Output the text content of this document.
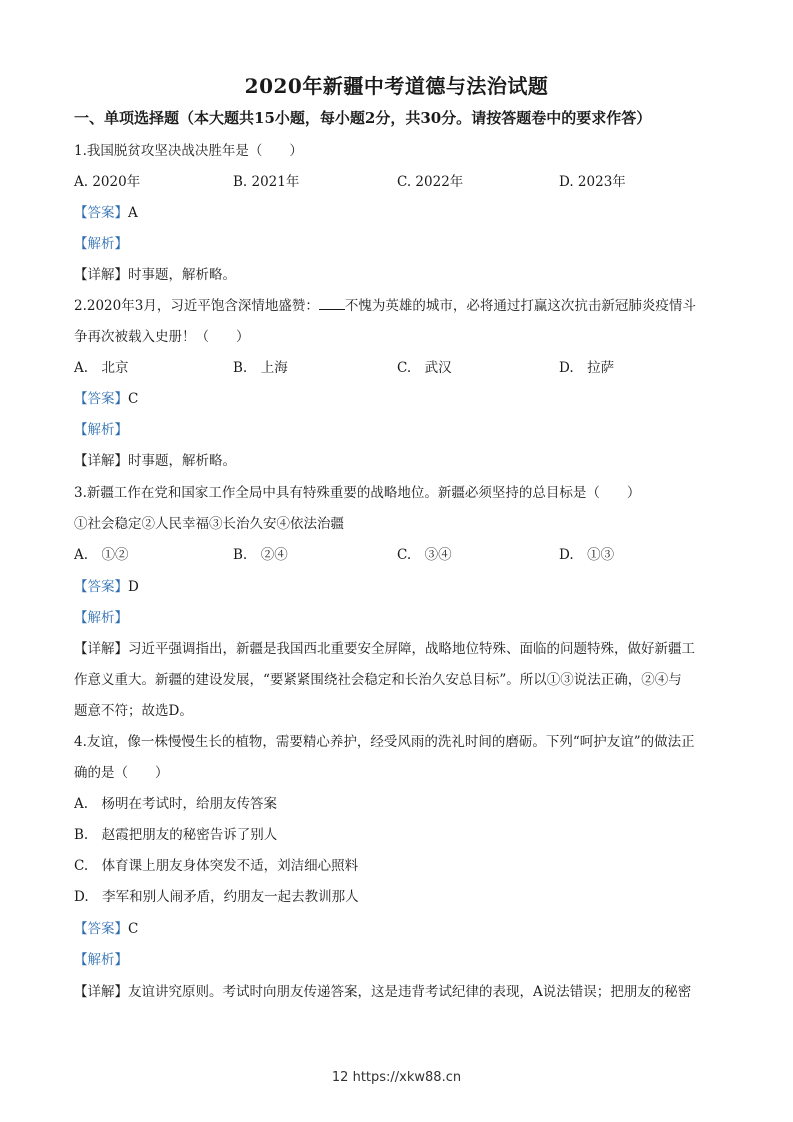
2020年新疆中考道德与法治试题
一、单项选择题（本大题共15小题，每小题2分，共30分。请按答题卷中的要求作答）
1.我国脱贫攻坚决战决胜年是（　　）
A. 2020年	B. 2021年	C. 2022年	D. 2023年
【答案】A
【解析】
【详解】时事题，解析略。
2.2020年3月，习近平饱含深情地盛赞： 不愧为英雄的城市，必将通过打赢这次抗击新冠肺炎疫情斗
争再次被载入史册！（　　）
A.　北京	B.　上海	C.　武汉	D.　拉萨
【答案】C
【解析】
【详解】时事题，解析略。
3.新疆工作在党和国家工作全局中具有特殊重要的战略地位。新疆必须坚持的总目标是（　　）
①社会稳定②人民幸福③长治久安④依法治疆
A.　①②	B.　②④	C.　③④	D.　①③
【答案】D
【解析】
【详解】习近平强调指出，新疆是我国西北重要安全屏障，战略地位特殊、面临的问题特殊，做好新疆工
作意义重大。新疆的建设发展，“要紧紧围绕社会稳定和长治久安总目标”。所以①③说法正确，②④与
题意不符；故选D。
4.友谊，像一株慢慢生长的植物，需要精心养护，经受风雨的洗礼时间的磨砺。下列“呵护友谊”的做法正
确的是（　　）
A.　杨明在考试时，给朋友传答案
B.　赵霞把朋友的秘密告诉了别人
C.　体育课上朋友身体突发不适，刘洁细心照料
D.　李军和别人闹矛盾，约朋友一起去教训那人
【答案】C
【解析】
【详解】友谊讲究原则。考试时向朋友传递答案，这是违背考试纪律的表现，A说法错误；把朋友的秘密
12 https://xkw88.cn
